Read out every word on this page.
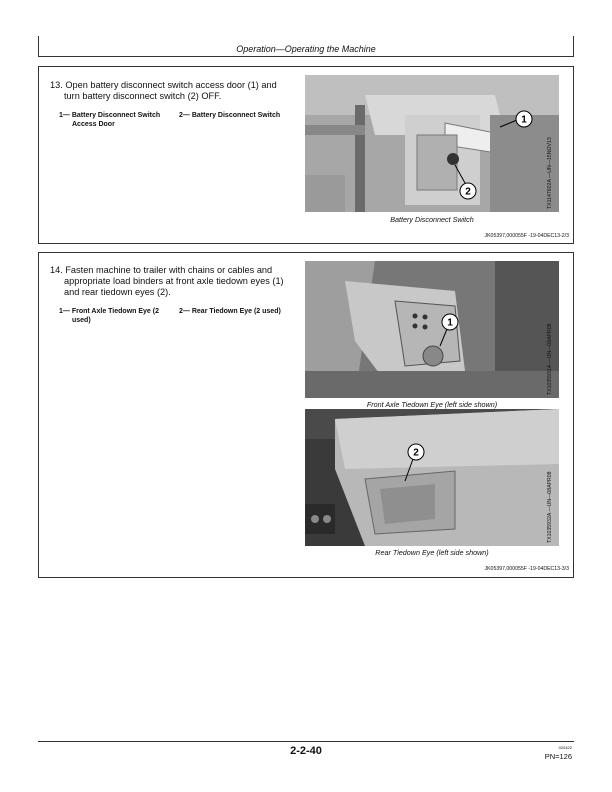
Operation—Operating the Machine
13. Open battery disconnect switch access door (1) and
turn battery disconnect switch (2) OFF.
1— Battery Disconnect Switch
Access Door
2— Battery Disconnect Switch	1
2
Battery Disconnect Switch
TX1147602A —UN—15NOV13
JK05397,000055F -19-04DEC13-2/3
14. Fasten machine to trailer with chains or cables and
appropriate load binders at front axle tiedown eyes (1)
and rear tiedown eyes (2).
1— Front Axle Tiedown Eye (2
used)
2— Rear Tiedown Eye (2 used)
1
Front Axle Tiedown Eye (left side shown)
TX1035931A —UN—08APR08
2
Rear Tiedown Eye (left side shown)
TX1035932A —UN—08APR08
JK05397,000055F -19-04DEC13-3/3
2-2-40	020422
PN=126
